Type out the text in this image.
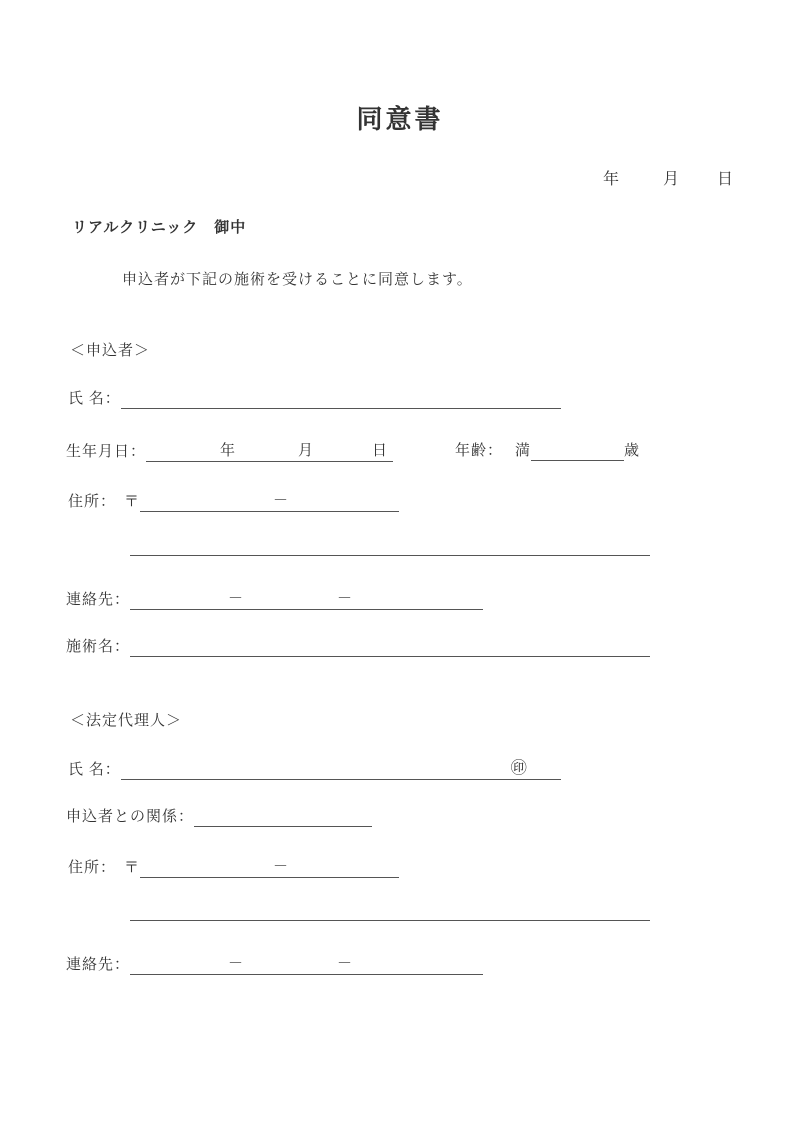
同意書
年	月 日
リアルクリニック　御中
申込者が下記の施術を受けることに同意します。
＜申込者＞
氏 名：
生年月日：	年	月	日	年齢： 満	歳
住所： 〒	－
連絡先：	－	－
施術名：
＜法定代理人＞
氏 名：	㊞
申込者との関係：
住所： 〒	－
連絡先：	－	－
